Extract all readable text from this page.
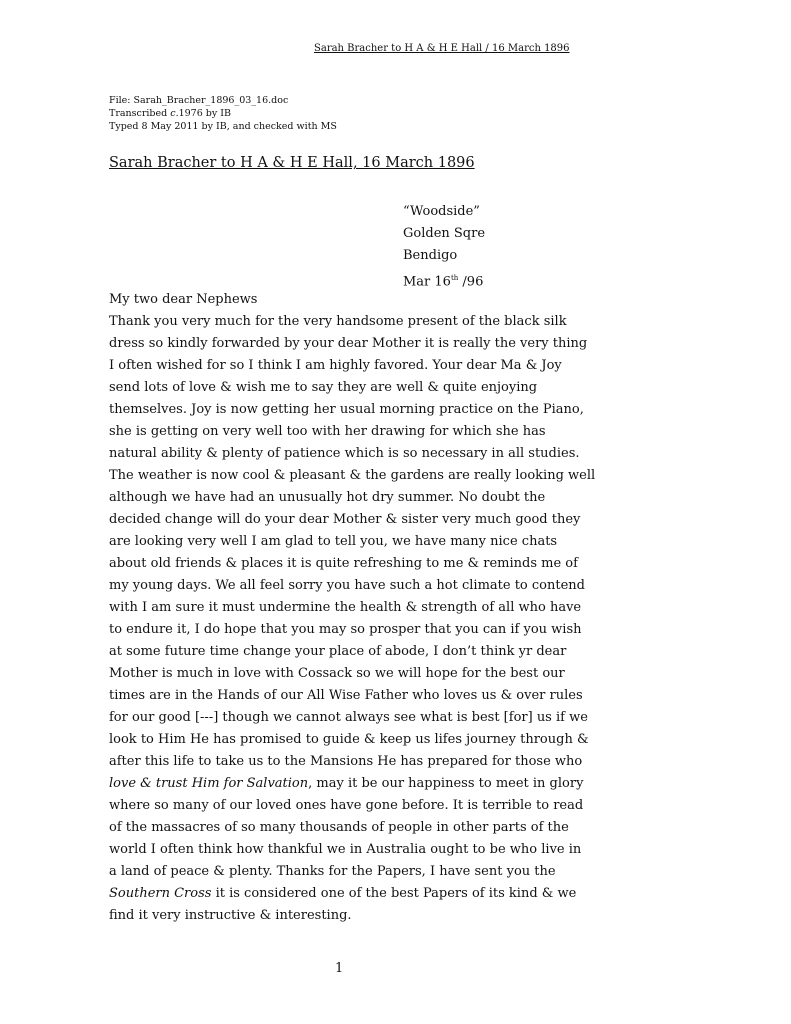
Sarah Bracher to H A & H E Hall / 16 March 1896
File: Sarah_Bracher_1896_03_16.doc
Transcribed c.1976 by IB
Typed 8 May 2011 by IB, and checked with MS
Sarah Bracher to H A & H E Hall, 16 March 1896
“Woodside”
Golden Sqre
Bendigo
Mar 16th /96
My two dear Nephews
Thank you very much for the very handsome present of the black silk
dress so kindly forwarded by your dear Mother it is really the very thing
I often wished for so I think I am highly favored. Your dear Ma & Joy
send lots of love & wish me to say they are well & quite enjoying
themselves. Joy is now getting her usual morning practice on the Piano,
she is getting on very well too with her drawing for which she has
natural ability & plenty of patience which is so necessary in all studies.
The weather is now cool & pleasant & the gardens are really looking well
although we have had an unusually hot dry summer. No doubt the
decided change will do your dear Mother & sister very much good they
are looking very well I am glad to tell you, we have many nice chats
about old friends & places it is quite refreshing to me & reminds me of
my young days. We all feel sorry you have such a hot climate to contend
with I am sure it must undermine the health & strength of all who have
to endure it, I do hope that you may so prosper that you can if you wish
at some future time change your place of abode, I don’t think yr dear
Mother is much in love with Cossack so we will hope for the best our
times are in the Hands of our All Wise Father who loves us & over rules
for our good [---] though we cannot always see what is best [for] us if we
look to Him He has promised to guide & keep us lifes journey through &
after this life to take us to the Mansions He has prepared for those who
love & trust Him for Salvation, may it be our happiness to meet in glory
where so many of our loved ones have gone before. It is terrible to read
of the massacres of so many thousands of people in other parts of the
world I often think how thankful we in Australia ought to be who live in
a land of peace & plenty. Thanks for the Papers, I have sent you the
Southern Cross it is considered one of the best Papers of its kind & we
find it very instructive & interesting.
1
